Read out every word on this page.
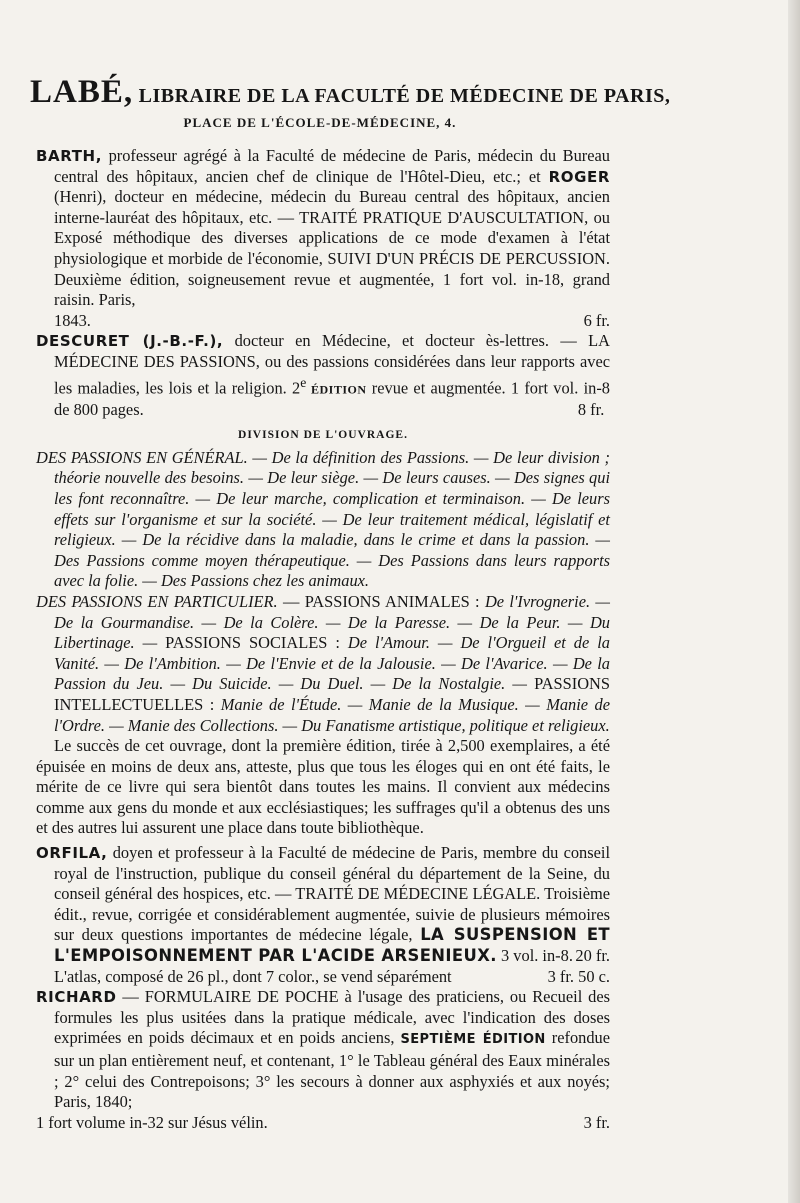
LABÉ, LIBRAIRE DE LA FACULTÉ DE MÉDECINE DE PARIS,
PLACE DE L'ÉCOLE-DE-MÉDECINE, 4.

BARTH, professeur agrégé à la Faculté de médecine de Paris, médecin du Bureau central des hôpitaux, ancien chef de clinique de l'Hôtel-Dieu, etc.; et ROGER (Henri), docteur en médecine, médecin du Bureau central des hôpitaux, ancien interne-lauréat des hôpitaux, etc. — TRAITÉ PRATIQUE D'AUSCULTATION, ou Exposé méthodique des diverses applications de ce mode d'examen à l'état physiologique et morbide de l'économie, SUIVI D'UN PRÉCIS DE PERCUSSION. Deuxième édition, soigneusement revue et augmentée, 1 fort vol. in-18, grand raisin. Paris,

1843.	6 fr.

DESCURET (J.-B.-F.), docteur en Médecine, et docteur ès-lettres. — LA MÉDECINE DES PASSIONS, ou des passions considérées dans leur rapports avec les maladies, les lois et la religion. 2e ÉDITION revue et augmentée. 1 fort vol. in-8 de 800 pages.	8 fr.

DIVISION DE L'OUVRAGE.

DES PASSIONS EN GÉNÉRAL. — De la définition des Passions. — De leur division ; théorie nouvelle des besoins. — De leur siège. — De leurs causes. — Des signes qui les font reconnaître. — De leur marche, complication et terminaison. — De leurs effets sur l'organisme et sur la société. — De leur traitement médical, législatif et religieux. — De la récidive dans la maladie, dans le crime et dans la passion. — Des Passions comme moyen thérapeutique. — Des Passions dans leurs rapports avec la folie. — Des Passions chez les animaux.

DES PASSIONS EN PARTICULIER. — PASSIONS ANIMALES : De l'Ivrognerie. — De la Gourmandise. — De la Colère. — De la Paresse. — De la Peur. — Du Libertinage. — PASSIONS SOCIALES : De l'Amour. — De l'Orgueil et de la Vanité. — De l'Ambition. — De l'Envie et de la Jalousie. — De l'Avarice. — De la Passion du Jeu. — Du Suicide. — Du Duel. — De la Nostalgie. — PASSIONS INTELLECTUELLES : Manie de l'Étude. — Manie de la Musique. — Manie de l'Ordre. — Manie des Collections. — Du Fanatisme artistique, politique et religieux.

Le succès de cet ouvrage, dont la première édition, tirée à 2,500 exemplaires, a été épuisée en moins de deux ans, atteste, plus que tous les éloges qui en ont été faits, le mérite de ce livre qui sera bientôt dans toutes les mains. Il convient aux médecins comme aux gens du monde et aux ecclésiastiques; les suffrages qu'il a obtenus des uns et des autres lui assurent une place dans toute bibliothèque.

ORFILA, doyen et professeur à la Faculté de médecine de Paris, membre du conseil royal de l'instruction, publique du conseil général du département de la Seine, du conseil général des hospices, etc. — TRAITÉ DE MÉDECINE LÉGALE. Troisième édit., revue, corrigée et considérablement augmentée, suivie de plusieurs mémoires sur deux questions importantes de médecine légale, LA SUSPENSION ET L'EMPOISONNEMENT PAR L'ACIDE ARSENIEUX. 3 vol. in-8. 20 fr.

L'atlas, composé de 26 pl., dont 7 color., se vend séparément	3 fr. 50 c.

RICHARD — FORMULAIRE DE POCHE à l'usage des praticiens, ou Recueil des formules les plus usitées dans la pratique médicale, avec l'indication des doses exprimées en poids décimaux et en poids anciens, SEPTIÈME ÉDITION refondue sur un plan entièrement neuf, et contenant, 1° le Tableau général des Eaux minérales ; 2° celui des Contrepoisons; 3° les secours à donner aux asphyxiés et aux noyés; Paris, 1840;

1 fort volume in-32 sur Jésus vélin.	3 fr.
